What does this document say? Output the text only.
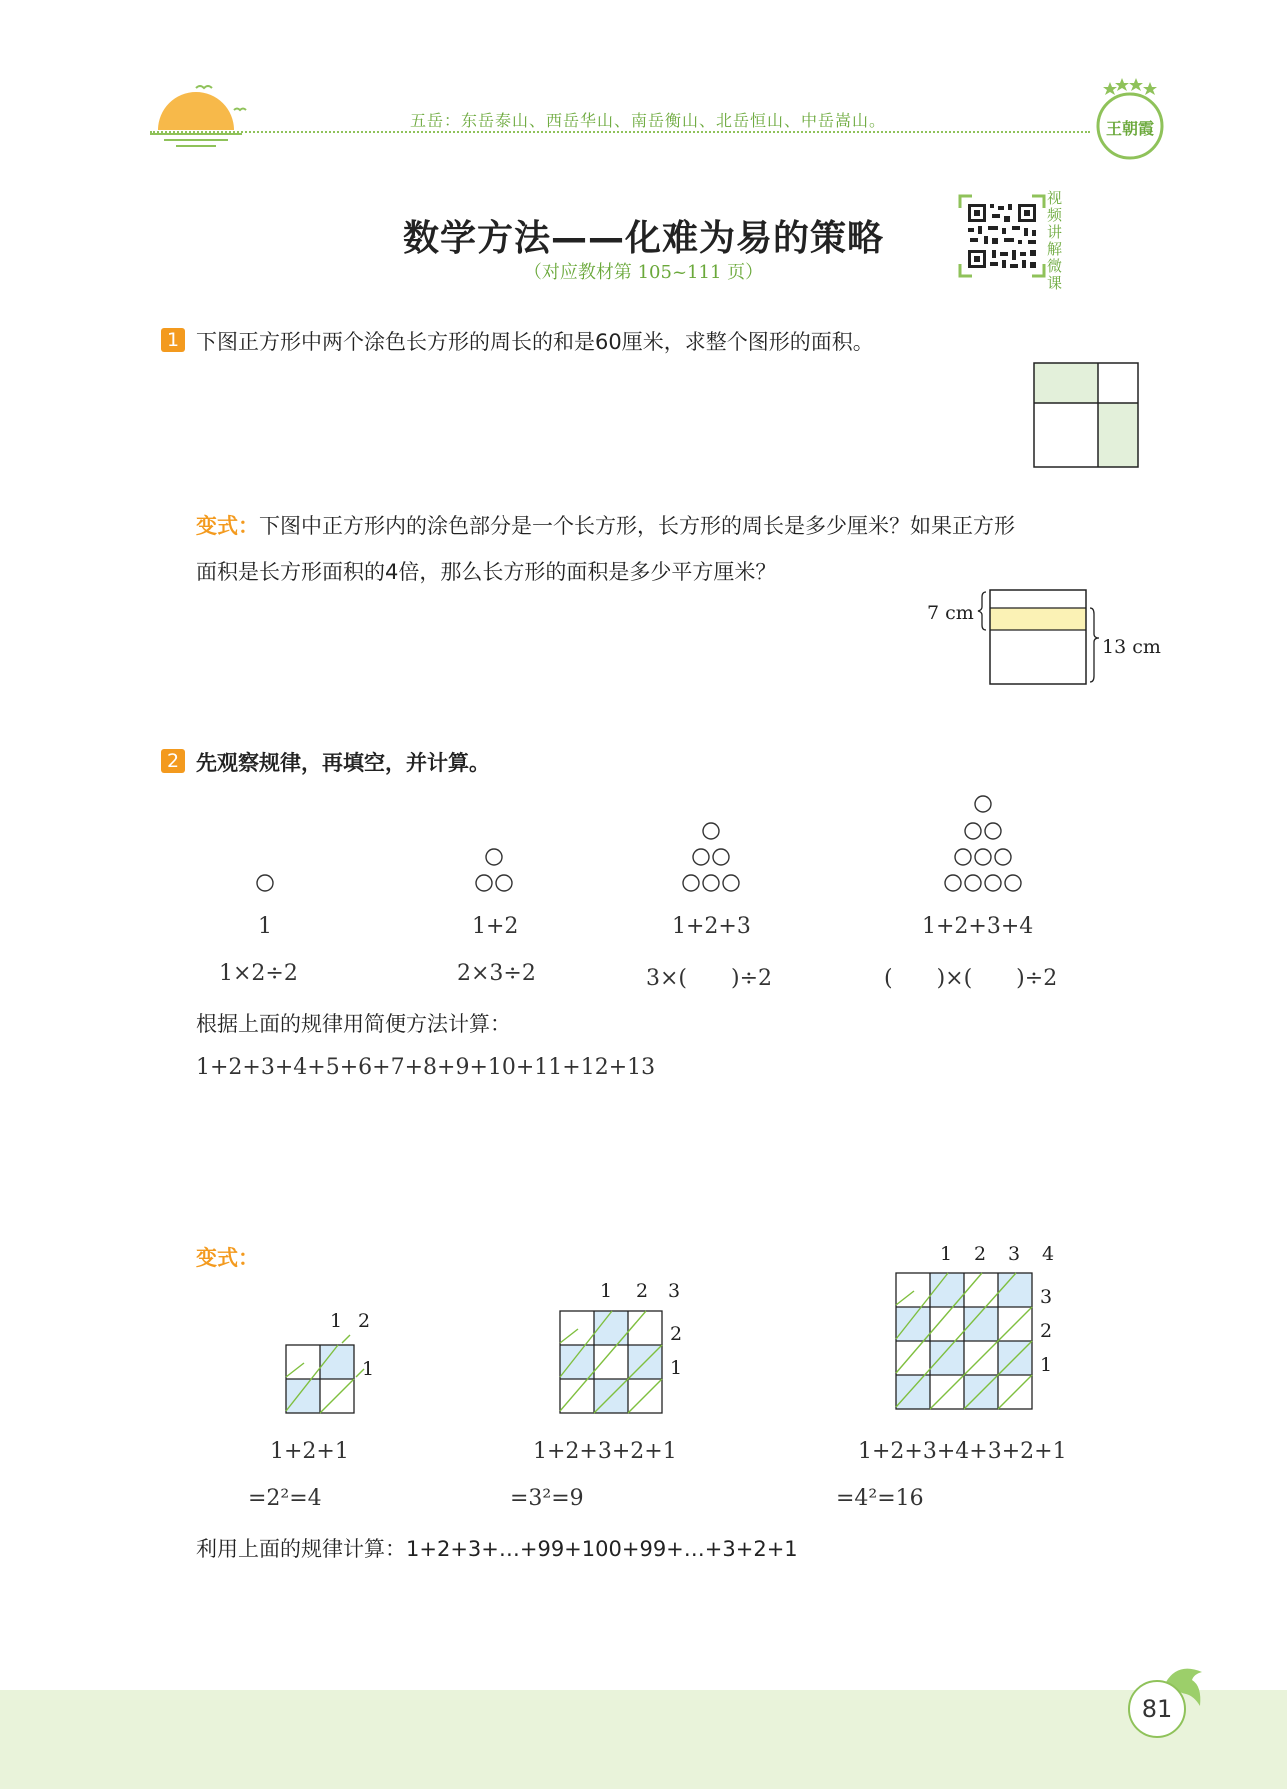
五岳：东岳泰山、西岳华山、南岳衡山、北岳恒山、中岳嵩山。	王朝霞
数学方法——化难为易的策略
（对应教材第 105~111 页）
视频讲解微课
1 下图正方形中两个涂色长方形的周长的和是60厘米，求整个图形的面积。
变式：下图中正方形内的涂色部分是一个长方形，长方形的周长是多少厘米？如果正方形
面积是长方形面积的4倍，那么长方形的面积是多少平方厘米？
7 cm
13 cm
2 先观察规律，再填空，并计算。
1	1+2	1+2+3	1+2+3+4
1×2÷2	2×3÷2	3×(　　)÷2	(　　)×(　　)÷2
根据上面的规律用简便方法计算：
1+2+3+4+5+6+7+8+9+10+11+12+13
变式：
1 2
1
1 2 3
2
1
1 2 3 4
3
2
1
1+2+1	1+2+3+2+1	1+2+3+4+3+2+1
=2²=4	=3²=9	=4²=16
利用上面的规律计算：1+2+3+…+99+100+99+…+3+2+1
81
